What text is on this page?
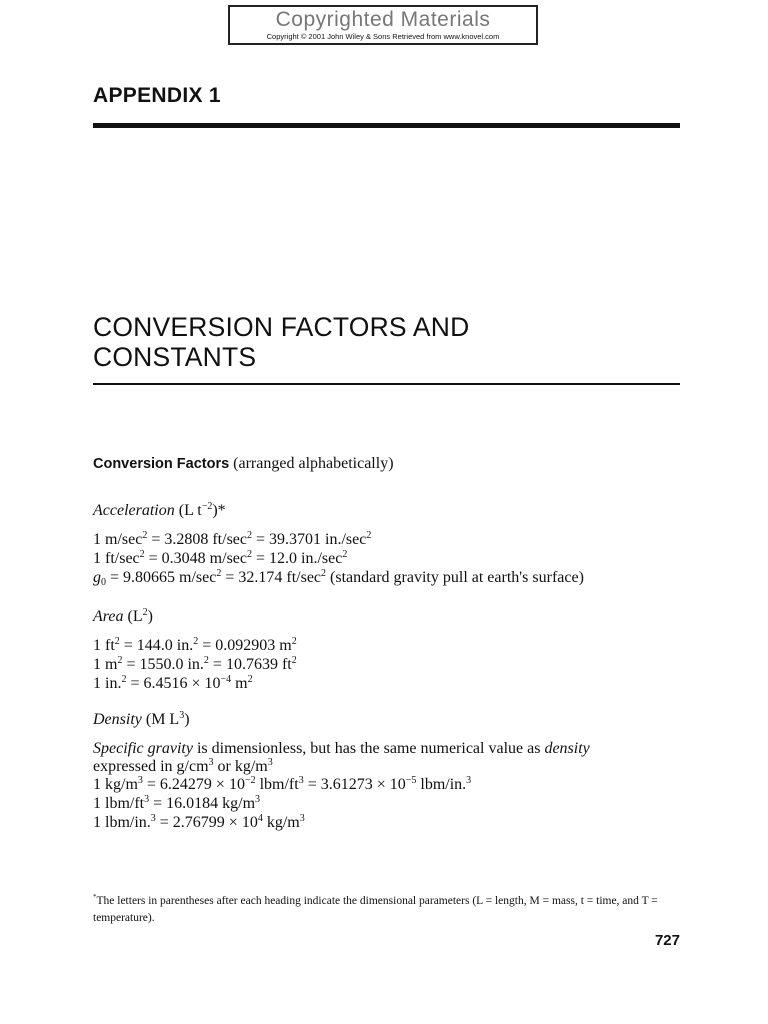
Copyrighted Materials
Copyright © 2001 John Wiley & Sons Retrieved from www.knovel.com
APPENDIX 1
CONVERSION FACTORS AND
CONSTANTS
Conversion Factors (arranged alphabetically)
Acceleration (L $t^{-2})*$
1 $m/\sec^2 = 3.2808$ $ft/\sec^2 = 39.3701$ $in./\sec^2$
1 $ft/\sec^2 = 0.3048$ $m/\sec^2 = 12.0$ $in./\sec^2$
$g_0 = 9.80665$ $m/\sec^2 = 32.174$ $ft/\sec^2$ (standard gravity pull at earth's surface)
Area $(L^2)$
1 $ft^2 = 144.0$ in.$^2$ = 0.092903 $m^2$
1 $m^2 = 1550.0$ in.$^2$ = 10.7639 $ft^2$
1 $in.^2 = 6.4516 \times 10^{-4}$ $m^2$
Density (M $L^3$)
Specific gravity is dimensionless, but has the same numerical value as density
expressed in $g/cm^3$ or $kg/m^3$
1 $kg/m^3 = 6.24279 \times 10^{-2}$ lbm/$ft^3 = 3.61273 \times 10^{-5}$ lbm/in.$^3$
1 lbm/$ft^3 = 16.0184$ $kg/m^3$
1 $lbm/in.^3 = 2.76799 \times 10^4$ $kg/m^3$
*The letters in parentheses after each heading indicate the dimensional parameters (L = length, M = mass, t = time, and T = temperature).
727
